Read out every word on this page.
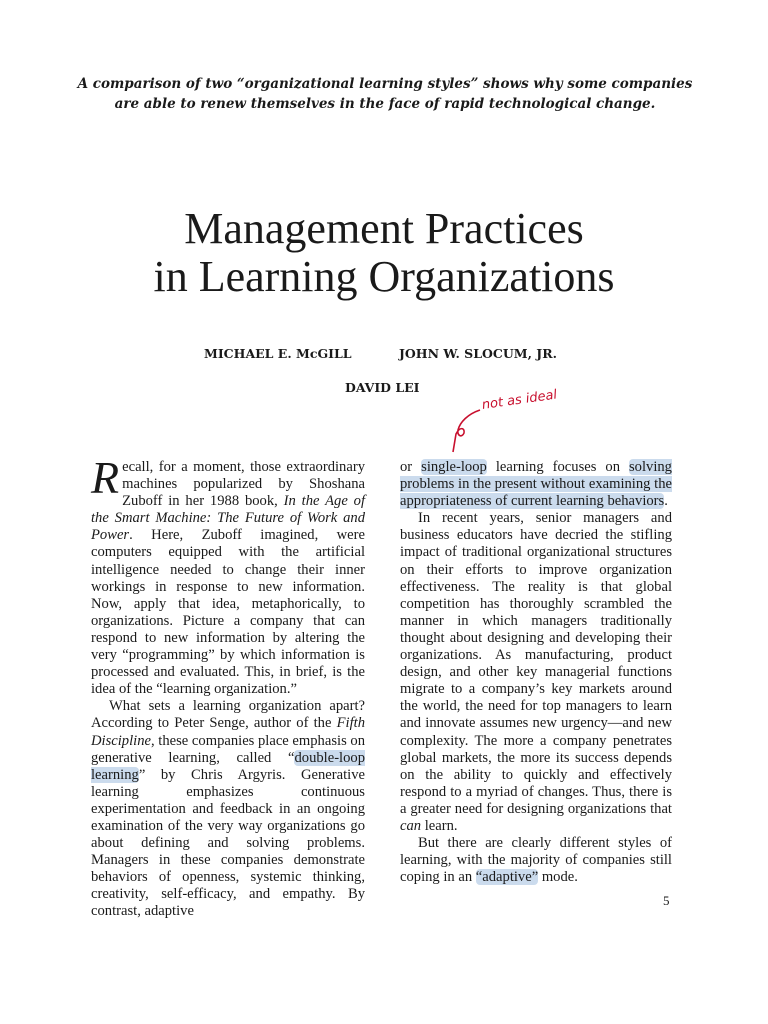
A comparison of two “organizational learning styles” shows why some companies
are able to renew themselves in the face of rapid technological change.
Management Practices
in Learning Organizations
MICHAEL E. McGILL	JOHN W. SLOCUM, JR.
DAVID LEI
not as ideal

Recall, for a moment, those extraordinary machines popularized by Shoshana Zuboff in her 1988 book, In the Age of the Smart Machine: The Future of Work and Power. Here, Zuboff imagined, were computers equipped with the artificial intelligence needed to change their inner workings in response to new information. Now, apply that idea, metaphorically, to organizations. Picture a company that can respond to new information by altering the very “programming” by which information is processed and evaluated. This, in brief, is the idea of the “learning organization.”

What sets a learning organization apart? According to Peter Senge, author of the Fifth Discipline, these companies place emphasis on generative learning, called “double-loop learning” by Chris Argyris. Generative learning emphasizes continuous experimentation and feedback in an ongoing examination of the very way organizations go about defining and solving problems. Managers in these companies demonstrate behaviors of openness, systemic thinking, creativity, self-efficacy, and empathy. By contrast, adaptive

or single-loop learning focuses on solving problems in the present without examining the appropriateness of current learning behaviors.

In recent years, senior managers and business educators have decried the stifling impact of traditional organizational structures on their efforts to improve organization effectiveness. The reality is that global competition has thoroughly scrambled the manner in which managers traditionally thought about designing and developing their organizations. As manufacturing, product design, and other key managerial functions migrate to a company’s key markets around the world, the need for top managers to learn and innovate assumes new urgency—and new complexity. The more a company penetrates global markets, the more its success depends on the ability to quickly and effectively respond to a myriad of changes. Thus, there is a greater need for designing organizations that can learn.

But there are clearly different styles of learning, with the majority of companies still coping in an “adaptive” mode.

5
